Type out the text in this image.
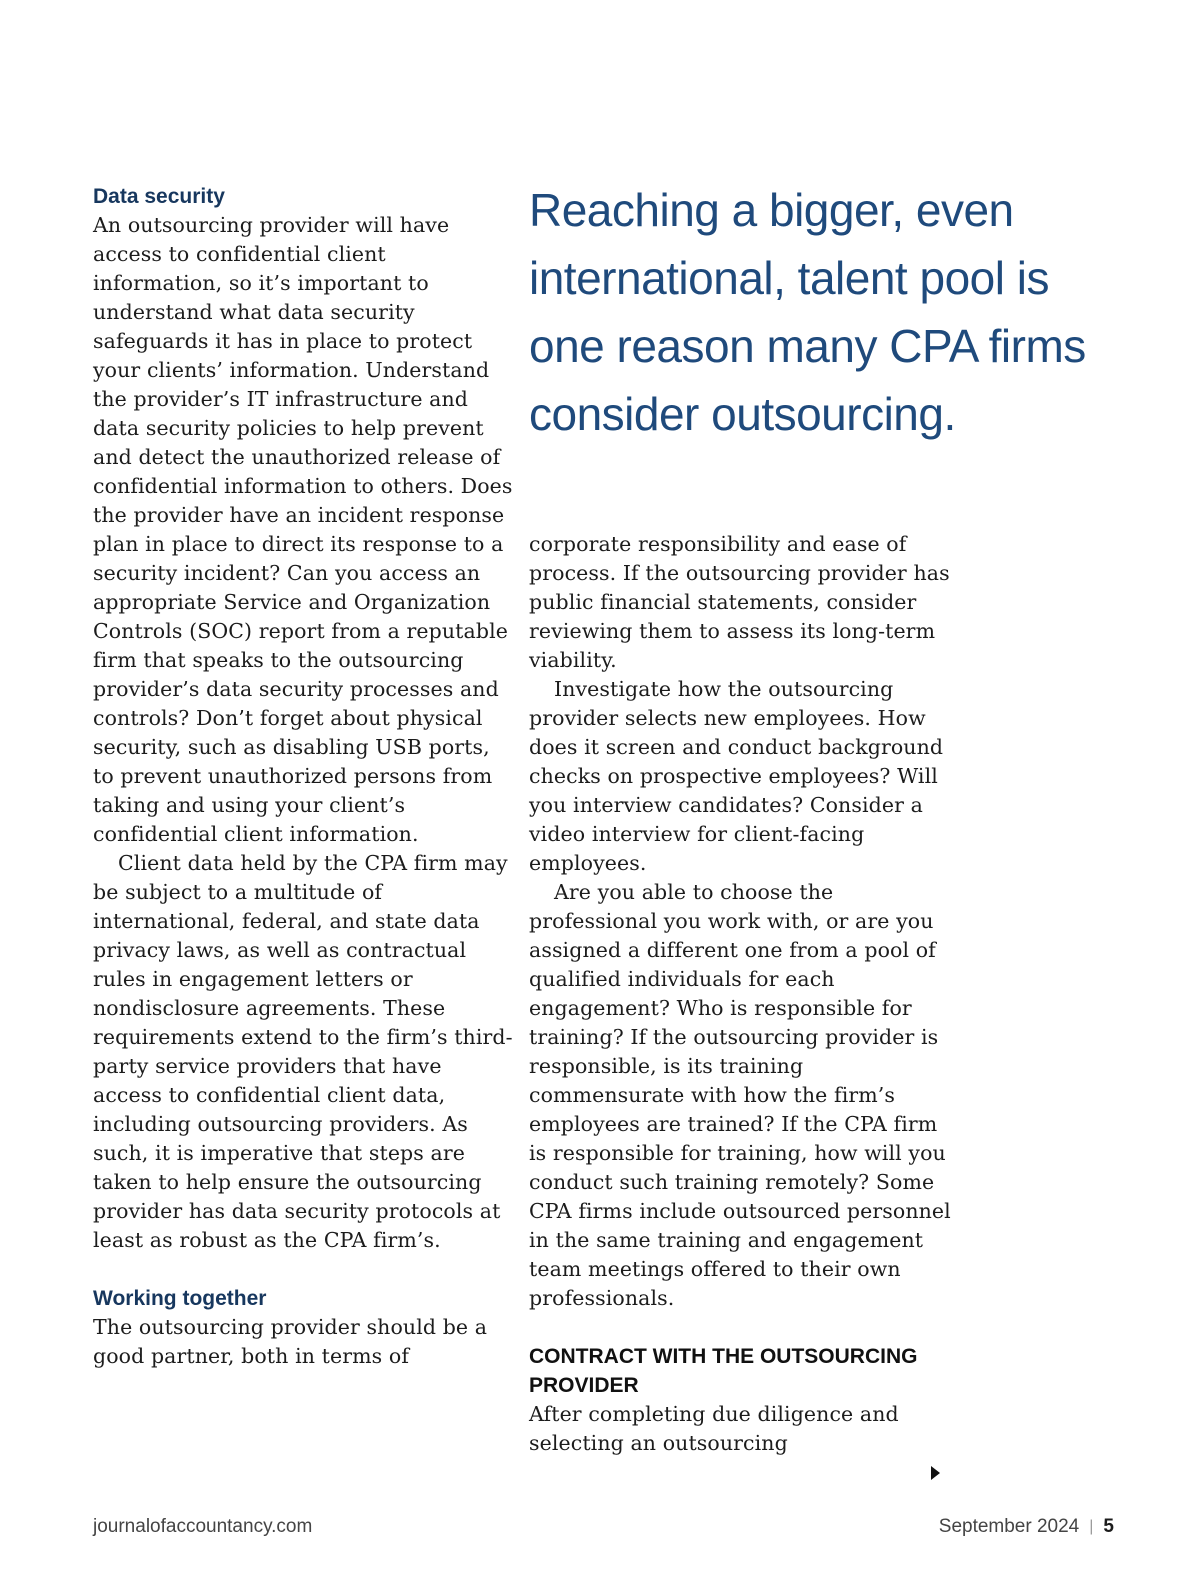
Data security

An outsourcing provider will have access to confidential client information, so it’s important to understand what data security safeguards it has in place to protect your clients’ information. Understand the provider’s IT infrastructure and data security policies to help prevent and detect the unauthorized release of confidential information to others. Does the provider have an incident response plan in place to direct its response to a security incident? Can you access an appropriate Service and Organization Controls (SOC) report from a reputable firm that speaks to the outsourcing provider’s data security processes and controls? Don’t forget about physical security, such as disabling USB ports, to prevent unauthorized persons from taking and using your client’s confidential client information.

Client data held by the CPA firm may be subject to a multitude of international, federal, and state data privacy laws, as well as contractual rules in engagement letters or nondisclosure agreements. These requirements extend to the firm’s third-party service providers that have access to confidential client data, including outsourcing providers. As such, it is imperative that steps are taken to help ensure the outsourcing provider has data security protocols at least as robust as the CPA firm’s.

Working together

The outsourcing provider should be a good partner, both in terms of

Reaching a bigger, even international, talent pool is one reason many CPA firms consider outsourcing.

corporate responsibility and ease of process. If the outsourcing provider has public financial statements, consider reviewing them to assess its long-term viability.

Investigate how the outsourcing provider selects new employees. How does it screen and conduct background checks on prospective employees? Will you interview candidates? Consider a video interview for client-facing employees.

Are you able to choose the professional you work with, or are you assigned a different one from a pool of qualified individuals for each engagement? Who is responsible for training? If the outsourcing provider is responsible, is its training commensurate with how the firm’s employees are trained? If the CPA firm is responsible for training, how will you conduct such training remotely? Some CPA firms include outsourced personnel in the same training and engagement team meetings offered to their own professionals.

CONTRACT WITH THE OUTSOURCING PROVIDER

After completing due diligence and selecting an outsourcing

journalofaccountancy.com	September 2024 | 5
